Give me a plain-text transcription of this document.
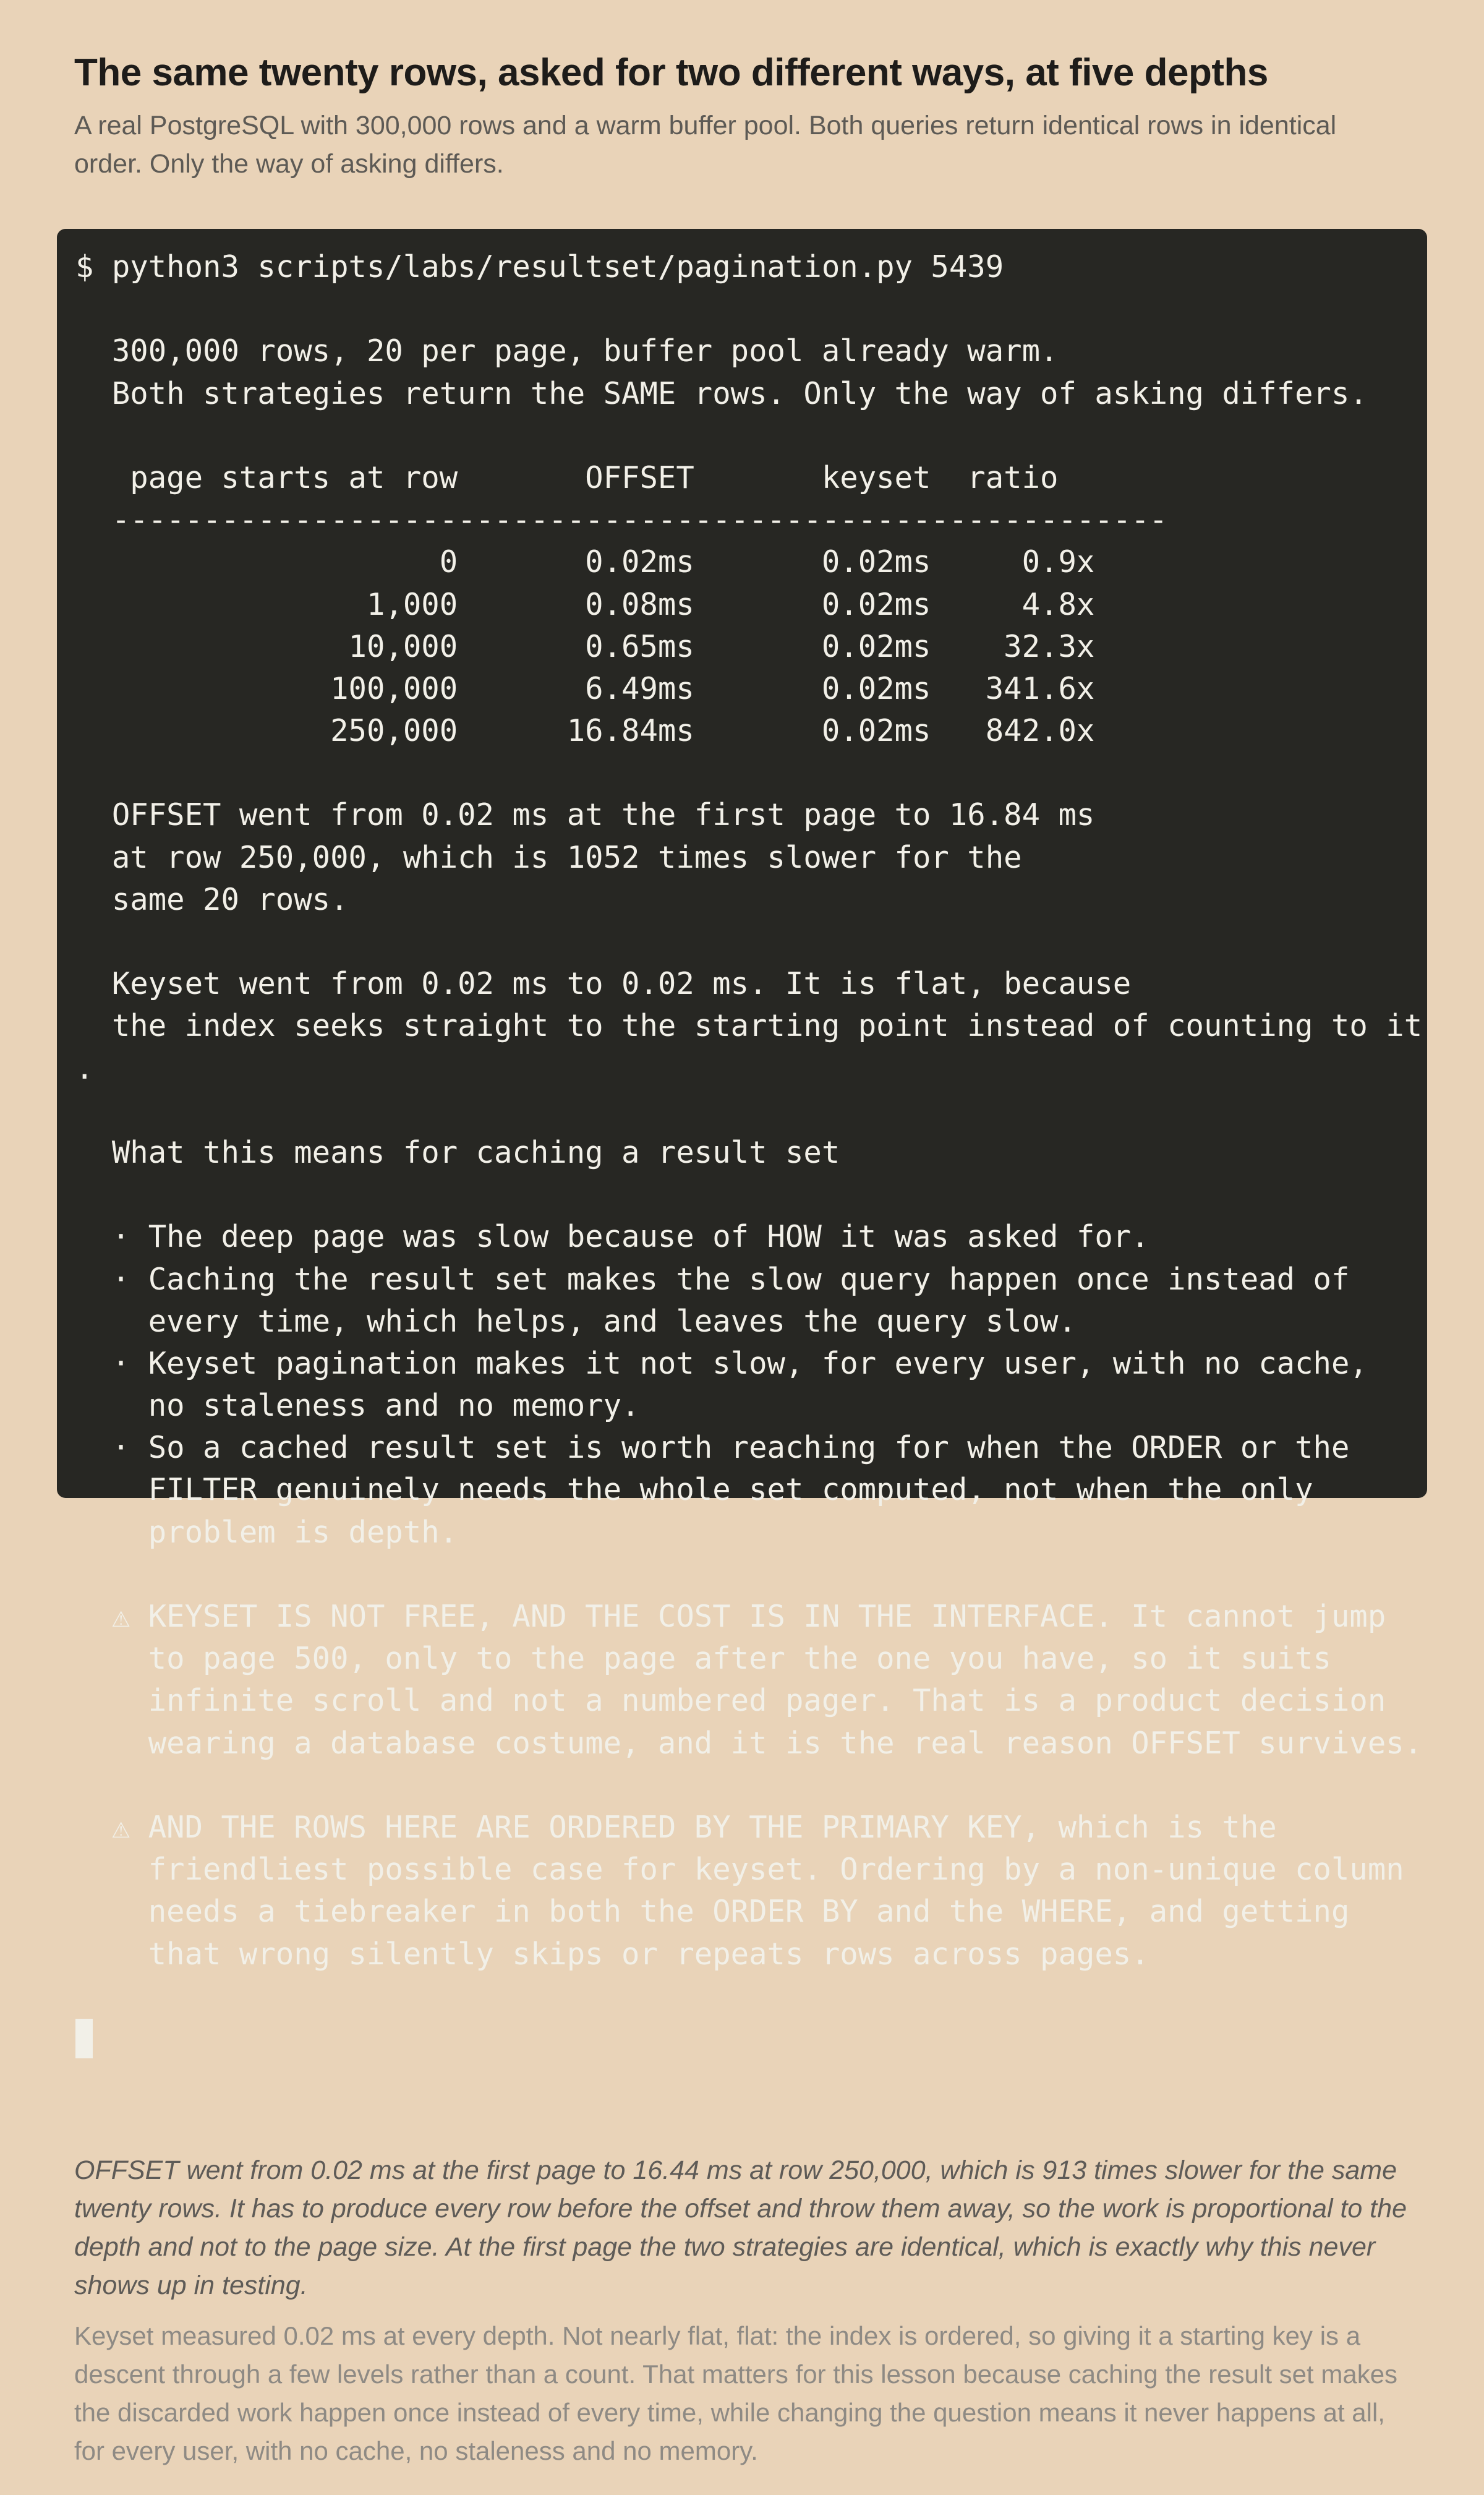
The same twenty rows, asked for two different ways, at five depths

A real PostgreSQL with 300,000 rows and a warm buffer pool. Both queries return identical rows in identical order. Only the way of asking differs.

$ python3 scripts/labs/resultset/pagination.py 5439
300,000 rows, 20 per page, buffer pool already warm.
Both strategies return the SAME rows. Only the way of asking differs.
page starts at row       OFFSET       keyset  ratio
----------------------------------------------------------
0       0.02ms       0.02ms     0.9x
1,000       0.08ms       0.02ms     4.8x
10,000       0.65ms       0.02ms    32.3x
100,000       6.49ms       0.02ms   341.6x
250,000      16.84ms       0.02ms   842.0x
OFFSET went from 0.02 ms at the first page to 16.84 ms
at row 250,000, which is 1052 times slower for the
same 20 rows.
Keyset went from 0.02 ms to 0.02 ms. It is flat, because
the index seeks straight to the starting point instead of counting to it
.
What this means for caching a result set
· The deep page was slow because of HOW it was asked for.
· Caching the result set makes the slow query happen once instead of
every time, which helps, and leaves the query slow.
· Keyset pagination makes it not slow, for every user, with no cache,
no staleness and no memory.
· So a cached result set is worth reaching for when the ORDER or the
FILTER genuinely needs the whole set computed, not when the only
problem is depth.
⚠ KEYSET IS NOT FREE, AND THE COST IS IN THE INTERFACE. It cannot jump
to page 500, only to the page after the one you have, so it suits
infinite scroll and not a numbered pager. That is a product decision
wearing a database costume, and it is the real reason OFFSET survives.
⚠ AND THE ROWS HERE ARE ORDERED BY THE PRIMARY KEY, which is the
friendliest possible case for keyset. Ordering by a non-unique column
needs a tiebreaker in both the ORDER BY and the WHERE, and getting
that wrong silently skips or repeats rows across pages.

OFFSET went from 0.02 ms at the first page to 16.44 ms at row 250,000, which is 913 times slower for the same twenty rows. It has to produce every row before the offset and throw them away, so the work is proportional to the depth and not to the page size. At the first page the two strategies are identical, which is exactly why this never shows up in testing.

Keyset measured 0.02 ms at every depth. Not nearly flat, flat: the index is ordered, so giving it a starting key is a descent through a few levels rather than a count. That matters for this lesson because caching the result set makes the discarded work happen once instead of every time, while changing the question means it never happens at all, for every user, with no cache, no staleness and no memory.
